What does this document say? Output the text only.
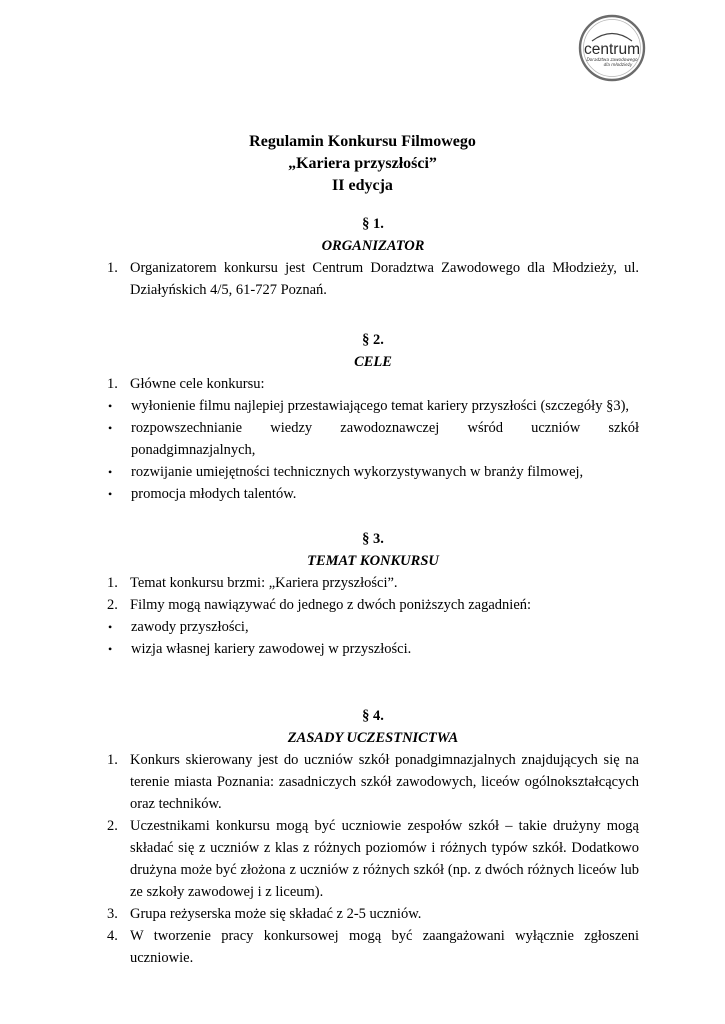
centrum
Doradztwa zawodowego
dla młodzieży
Regulamin Konkursu Filmowego
„Kariera przyszłości”
II edycja
§ 1.
ORGANIZATOR
1. Organizatorem konkursu jest Centrum Doradztwa Zawodowego dla Młodzieży, ul. Działyńskich 4/5, 61-727 Poznań.
§ 2.
CELE
1. Główne cele konkursu:
•	wyłonienie filmu najlepiej przestawiającego temat kariery przyszłości (szczegóły §3),
•	rozpowszechnianie wiedzy zawodoznawczej wśród uczniów szkół ponadgimnazjalnych,
•	rozwijanie umiejętności technicznych wykorzystywanych w branży filmowej,
•	promocja młodych talentów.
§ 3.
TEMAT KONKURSU
1. Temat konkursu brzmi: „Kariera przyszłości”.
2. Filmy mogą nawiązywać do jednego z dwóch poniższych zagadnień:
•	zawody przyszłości,
•	wizja własnej kariery zawodowej w przyszłości.
§ 4.
ZASADY UCZESTNICTWA
1. Konkurs skierowany jest do uczniów szkół ponadgimnazjalnych znajdujących się na terenie miasta Poznania: zasadniczych szkół zawodowych, liceów ogólnokształcących oraz techników.
2. Uczestnikami konkursu mogą być uczniowie zespołów szkół – takie drużyny mogą składać się z uczniów z klas z różnych poziomów i różnych typów szkół. Dodatkowo drużyna może być złożona z uczniów z różnych szkół (np. z dwóch różnych liceów lub ze szkoły zawodowej i z liceum).
3. Grupa reżyserska może się składać z 2-5 uczniów.
4. W tworzenie pracy konkursowej mogą być zaangażowani wyłącznie zgłoszeni uczniowie.
